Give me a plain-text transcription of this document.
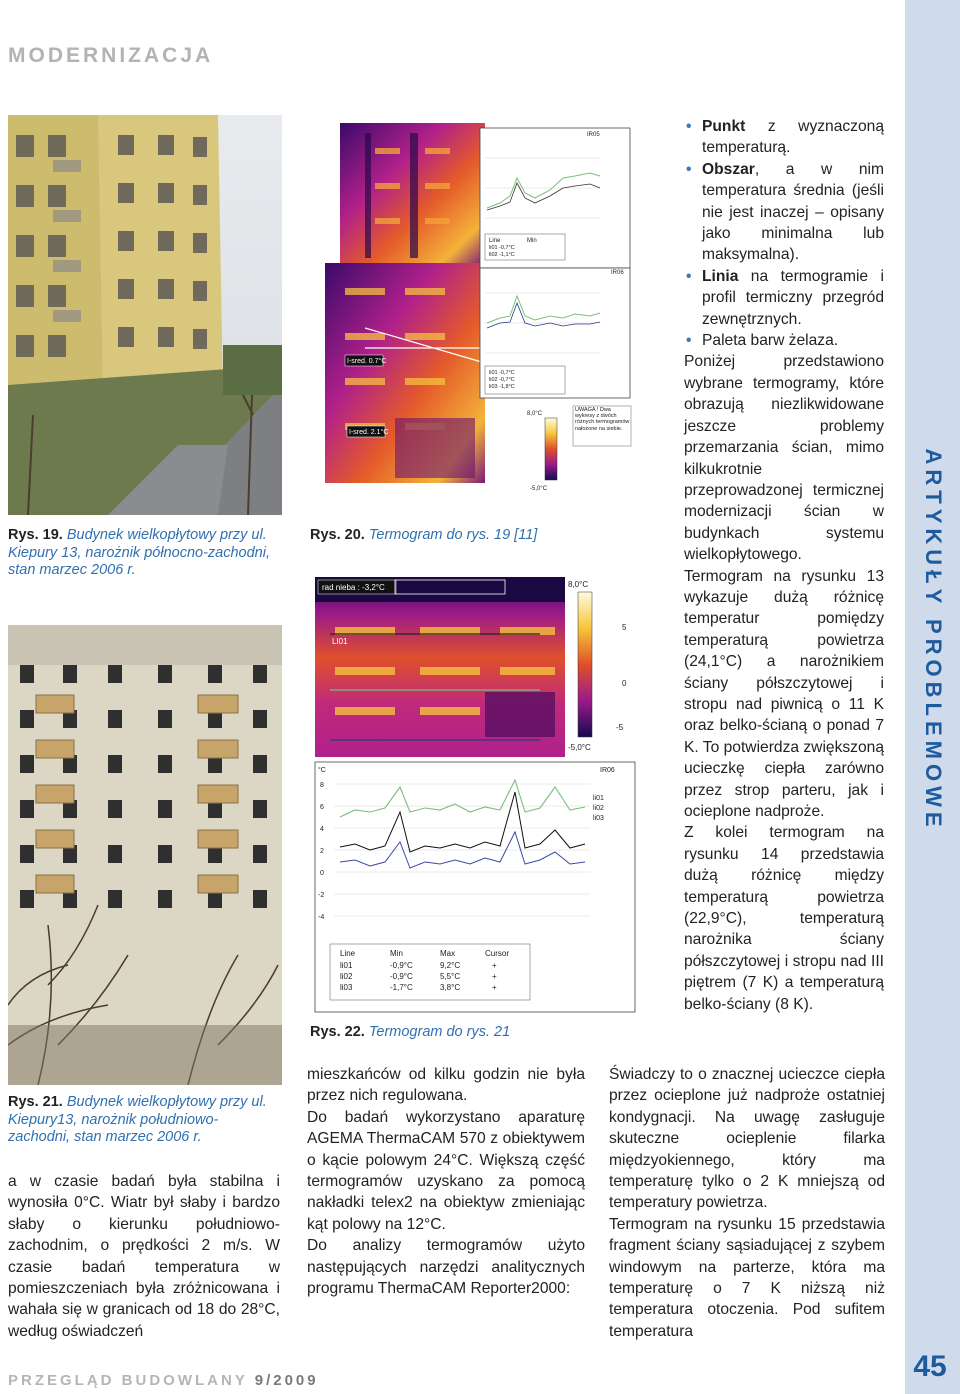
MODERNIZACJA
ARTYKUŁY PROBLEMOWE
Rys. 19. Budynek wielkopłytowy przy ul. Kiepury 13, narożnik północno-zachodni, stan marzec 2006 r.
Rys. 21. Budynek wielkopłytowy przy ul. Kiepury13, narożnik południowo-zachodni, stan marzec 2006 r.

a w czasie badań była stabilna i wynosiła 0°C. Wiatr był słaby i bardzo słaby o kierunku południowo-zachodnim, o prędkości 2 m/s. W czasie badań temperatura w pomieszczeniach była zróżnicowana i wahała się w granicach od 18 do 28°C, według oświadczeń

I-sred. 0.7°C
I-sred. 2.1°C
IR05
IR06
Line	Min
li01 -0,7°C
li02 -1,1°C
li01 -0,7°C
li02 -0,7°C
li03 -1,8°C
8,0°C
-5,0°C
UWAGA ! Dwa wykresy z dwóch różnych termogramów nałożone na siebie.
Rys. 20. Termogram do rys. 19 [11]
rad nieba : -3,2°C
LI01
8,0°C
-5,0°C
5
0
-5
°C	IR06
8
6
4
2
0
-2
-4
li01
li02
li03
Line	Min	Max	Cursor
li01	-0,9°C	9,2°C	+
li02	-0,9°C	5,5°C	+
li03	-1,7°C	3,8°C	+
Rys. 22. Termogram do rys. 21

mieszkańców od kilku godzin nie była przez nich regulowana.

Do badań wykorzystano aparaturę AGEMA ThermaCAM 570 z obiektywem o kącie polowym 24°C. Większą część termogramów uzyskano za pomocą nakładki telex2 na obiektyw zmieniając kąt polowy na 12°C.

Do analizy termogramów użyto następujących narzędzi analitycznych programu ThermaCAM Reporter2000:

• Punkt z wyznaczoną temperaturą.
• Obszar, a w nim temperatura średnia (jeśli nie jest inaczej – opisany jako minimalna lub maksymalna).
• Linia na termogramie i profil termiczny przegród zewnętrznych.
• Paleta barw żelaza.

Poniżej przedstawiono wybrane termogramy, które obrazują niezlikwidowane jeszcze problemy przemarzania ścian, mimo kilkukrotnie przeprowadzonej termicznej modernizacji ścian w budynkach systemu wielkopłytowego.

Termogram na rysunku 13 wykazuje dużą różnicę temperatur pomiędzy temperaturą powietrza (24,1°C) a narożnikiem ściany półszczytowej i stropu nad piwnicą o 11 K oraz belko-ścianą o ponad 7 K. To potwierdza zwiększoną ucieczkę ciepła zarówno przez strop parteru, jak i ocieplone nadproże.

Z kolei termogram na rysunku 14 przedstawia dużą różnicę między temperaturą powietrza (22,9°C), temperaturą narożnika ściany półszczytowej i stropu nad III piętrem (7 K) a temperaturą belko-ściany (8 K).

Świadczy to o znacznej ucieczce ciepła przez ocieplone już nadproże ostatniej kondygnacji. Na uwagę zasługuje skuteczne ocieplenie filarka międzyokiennego, który ma temperaturę tylko o 2 K mniejszą od temperatury powietrza.

Termogram na rysunku 15 przedstawia fragment ściany sąsiadującej z szybem windowym na parterze, która ma temperaturę o 7 K niższą niż temperatura otoczenia. Pod sufitem temperatura

PRZEGLĄD BUDOWLANY 9/2009	45
